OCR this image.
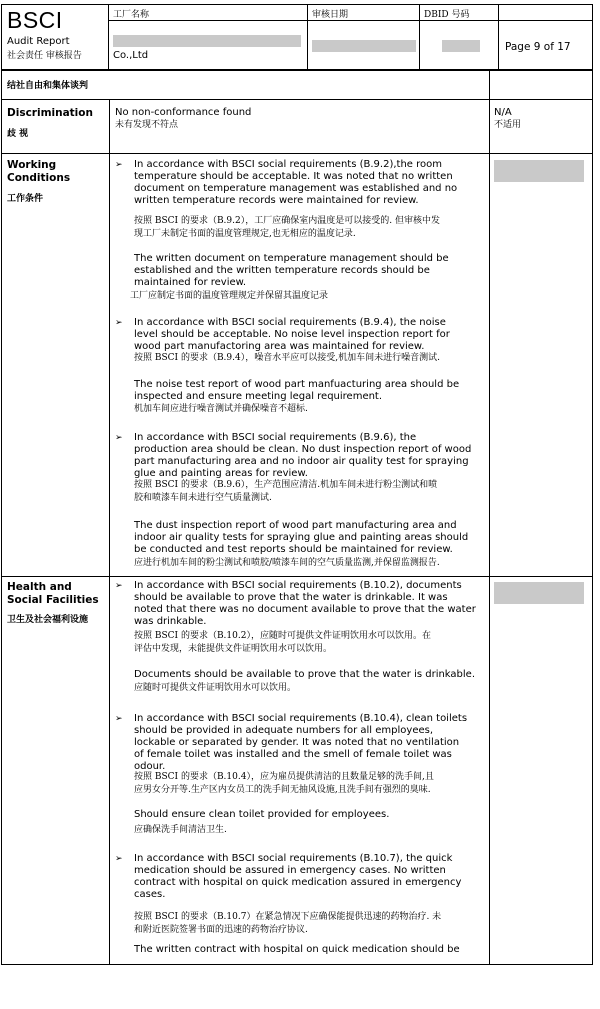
BSCI
Audit Report
社会责任 审核报告
工厂名称	审核日期	DBID 号码
Co.,Ltd
Page 9 of 17
结社自由和集体谈判
Discrimination
歧 视
No non-conformance found
未有发现不符点
N/A
不适用
Working
Conditions
工作条件
➢ In accordance with BSCI social requirements (B.9.2),the room
temperature should be acceptable. It was noted that no written
document on temperature management was established and no
written temperature records were maintained for review.
按照 BSCI 的要求（B.9.2），工厂应确保室内温度是可以接受的. 但审核中发
现工厂未制定书面的温度管理规定,也无相应的温度记录.
The written document on temperature management should be
established and the written temperature records should be
maintained for review.
工厂应制定书面的温度管理规定并保留其温度记录
➢ In accordance with BSCI social requirements (B.9.4), the noise
level should be acceptable. No noise level inspection report for
wood part manufactoring area was maintained for review.
按照 BSCI 的要求（B.9.4），噪音水平应可以接受,机加车间未进行噪音测试.
The noise test report of wood part manfuacturing area should be
inspected and ensure meeting legal requirement.
机加车间应进行噪音测试并确保噪音不超标.
➢ In accordance with BSCI social requirements (B.9.6), the
production area should be clean. No dust inspection report of wood
part manufacturing area and no indoor air quality test for spraying
glue and painting areas for review.
按照 BSCI 的要求（B.9.6），生产范围应清洁.机加车间未进行粉尘测试和喷
胶和喷漆车间未进行空气质量测试.
The dust inspection report of wood part manufacturing area and
indoor air quality tests for spraying glue and painting areas should
be conducted and test reports should be maintained for review.
应进行机加车间的粉尘测试和喷胶/喷漆车间的空气质量监测,并保留监测报告.
Health and
Social Facilities
卫生及社会福利设施
➢ In accordance with BSCI social requirements (B.10.2), documents
should be available to prove that the water is drinkable. It was
noted that there was no document available to prove that the water
was drinkable.
按照 BSCI 的要求（B.10.2），应随时可提供文件证明饮用水可以饮用。在
评估中发现，未能提供文件证明饮用水可以饮用。
Documents should be available to prove that the water is drinkable.
应随时可提供文件证明饮用水可以饮用。
➢ In accordance with BSCI social requirements (B.10.4), clean toilets
should be provided in adequate numbers for all employees,
lockable or separated by gender. It was noted that no ventilation
of female toilet was installed and the smell of female toilet was
odour.
按照 BSCI 的要求（B.10.4），应为雇员提供清洁的且数量足够的洗手间,且
应男女分开等.生产区内女员工的洗手间无抽风设施,且洗手间有强烈的臭味.
Should ensure clean toilet provided for employees.
应确保洗手间清洁卫生.
➢ In accordance with BSCI social requirements (B.10.7), the quick
medication should be assured in emergency cases. No written
contract with hospital on quick medication assured in emergency
cases.
按照 BSCI 的要求（B.10.7）在紧急情况下应确保能提供迅速的药物治疗. 未
和附近医院签署书面的迅速的药物治疗协议.
The written contract with hospital on quick medication should be
